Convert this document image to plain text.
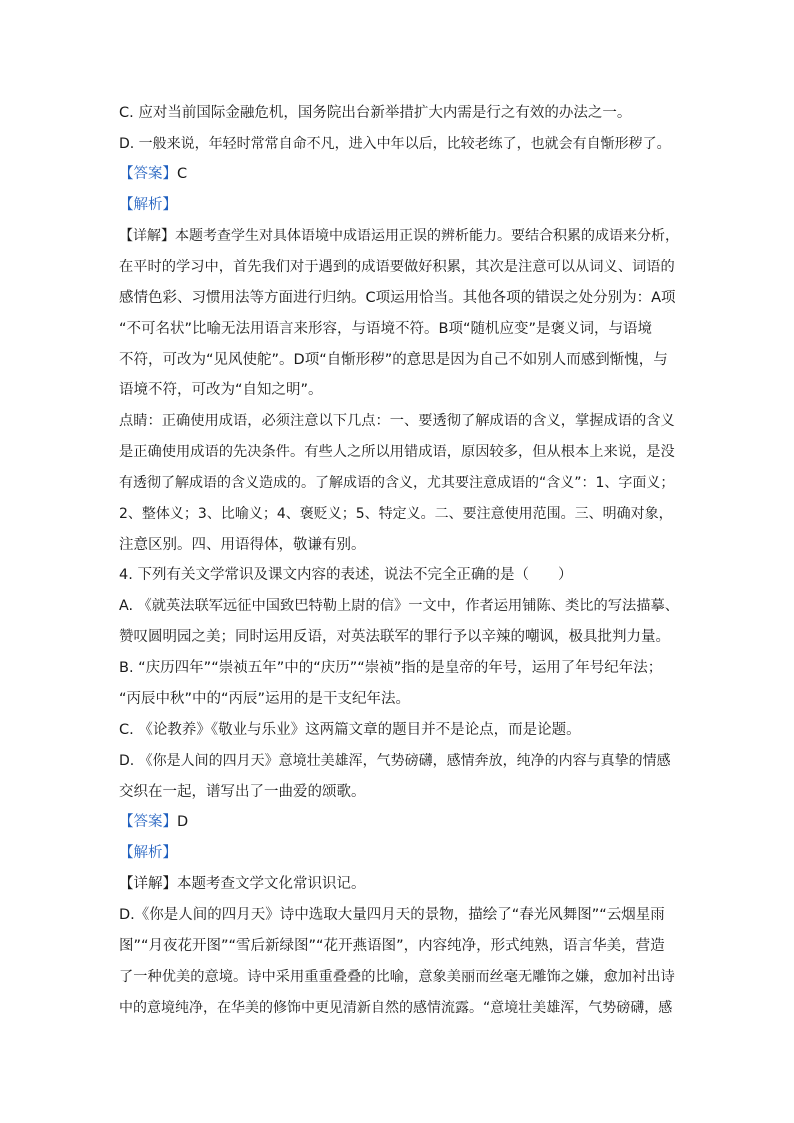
C. 应对当前国际金融危机，国务院出台新举措扩大内需是行之有效的办法之一。
D. 一般来说，年轻时常常自命不凡，进入中年以后，比较老练了，也就会有自惭形秽了。
【答案】C
【解析】
【详解】本题考查学生对具体语境中成语运用正误的辨析能力。要结合积累的成语来分析，
在平时的学习中，首先我们对于遇到的成语要做好积累，其次是注意可以从词义、词语的
感情色彩、习惯用法等方面进行归纳。C项运用恰当。其他各项的错误之处分别为：A项
“不可名状”比喻无法用语言来形容，与语境不符。B项“随机应变”是褒义词，与语境
不符，可改为“见风使舵”。D项“自惭形秽”的意思是因为自己不如别人而感到惭愧，与
语境不符，可改为“自知之明”。
点睛：正确使用成语，必须注意以下几点：一、要透彻了解成语的含义，掌握成语的含义
是正确使用成语的先决条件。有些人之所以用错成语，原因较多，但从根本上来说，是没
有透彻了解成语的含义造成的。了解成语的含义，尤其要注意成语的“含义”：1、字面义；
2、整体义；3、比喻义；4、褒贬义；5、特定义。二、要注意使用范围。三、明确对象，
注意区别。四、用语得体，敬谦有别。
4. 下列有关文学常识及课文内容的表述，说法不完全正确的是（　　）
A. 《就英法联军远征中国致巴特勒上尉的信》一文中，作者运用铺陈、类比的写法描摹、
赞叹圆明园之美；同时运用反语，对英法联军的罪行予以辛辣的嘲讽，极具批判力量。
B. “庆历四年”“崇祯五年”中的“庆历”“崇祯”指的是皇帝的年号，运用了年号纪年法；
“丙辰中秋”中的“丙辰”运用的是干支纪年法。
C. 《论教养》《敬业与乐业》这两篇文章的题目并不是论点，而是论题。
D. 《你是人间的四月天》意境壮美雄浑，气势磅礴，感情奔放，纯净的内容与真挚的情感
交织在一起，谱写出了一曲爱的颂歌。
【答案】D
【解析】
【详解】本题考查文学文化常识识记。
D.《你是人间的四月天》诗中选取大量四月天的景物，描绘了“春光风舞图”“云烟星雨
图”“月夜花开图”“雪后新绿图”“花开燕语图”，内容纯净，形式纯熟，语言华美，营造
了一种优美的意境。诗中采用重重叠叠的比喻，意象美丽而丝毫无雕饰之嫌，愈加衬出诗
中的意境纯净，在华美的修饰中更见清新自然的感情流露。“意境壮美雄浑，气势磅礴，感
